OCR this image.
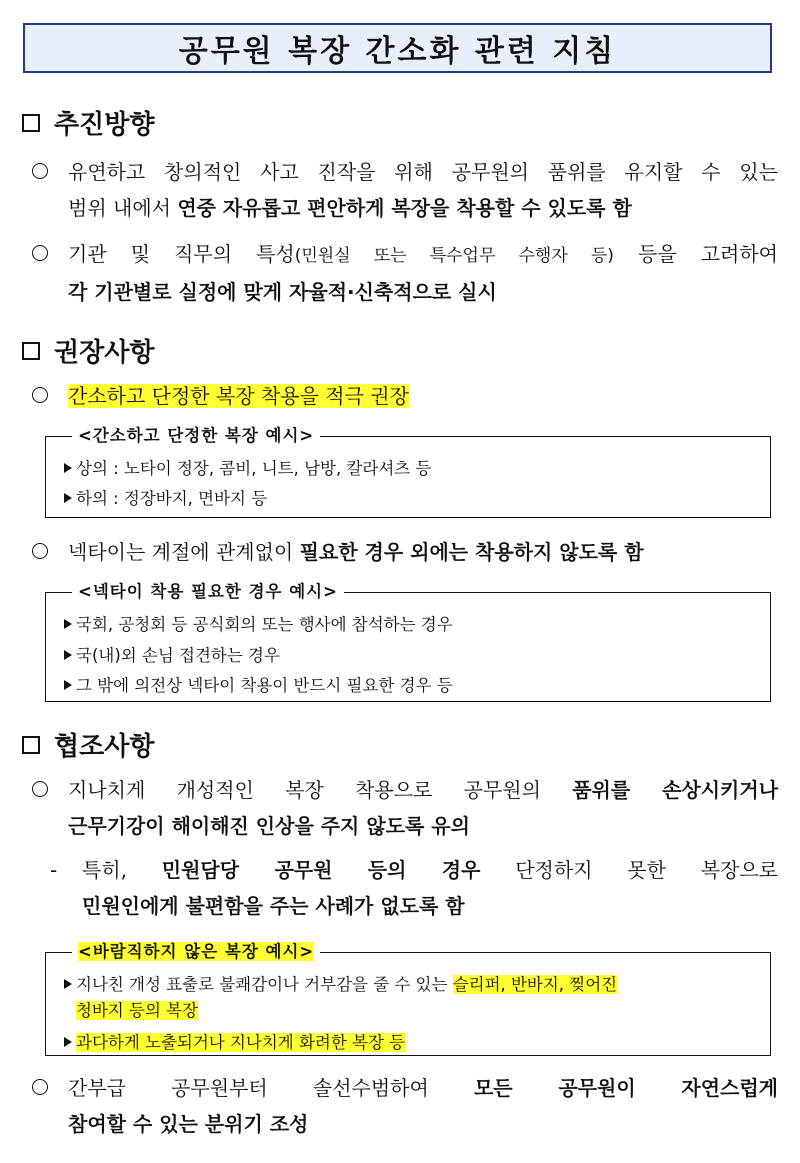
공무원 복장 간소화 관련 지침
추진방향
유연하고 창의적인 사고 진작을 위해 공무원의 품위를 유지할 수 있는
범위 내에서 연중 자유롭고 편안하게 복장을 착용할 수 있도록 함
기관 및 직무의 특성(민원실 또는 특수업무 수행자 등) 등을 고려하여
각 기관별로 실정에 맞게 자율적·신축적으로 실시
권장사항
간소하고 단정한 복장 착용을 적극 권장
<간소하고 단정한 복장 예시>
상의 : 노타이 정장, 콤비, 니트, 남방, 칼라셔츠 등
하의 : 정장바지, 면바지 등
넥타이는 계절에 관계없이 필요한 경우 외에는 착용하지 않도록 함
<넥타이 착용 필요한 경우 예시>
국회, 공청회 등 공식회의 또는 행사에 참석하는 경우
국(내)외 손님 접견하는 경우
그 밖에 의전상 넥타이 착용이 반드시 필요한 경우 등
협조사항
지나치게 개성적인 복장 착용으로 공무원의 품위를 손상시키거나
근무기강이 해이해진 인상을 주지 않도록 유의
- 특히, 민원담당 공무원 등의 경우 단정하지 못한 복장으로
민원인에게 불편함을 주는 사례가 없도록 함
<바람직하지 않은 복장 예시>
지나친 개성 표출로 불쾌감이나 거부감을 줄 수 있는 슬리퍼, 반바지, 찢어진
청바지 등의 복장
과다하게 노출되거나 지나치게 화려한 복장 등
간부급 공무원부터 솔선수범하여 모든 공무원이 자연스럽게
참여할 수 있는 분위기 조성
